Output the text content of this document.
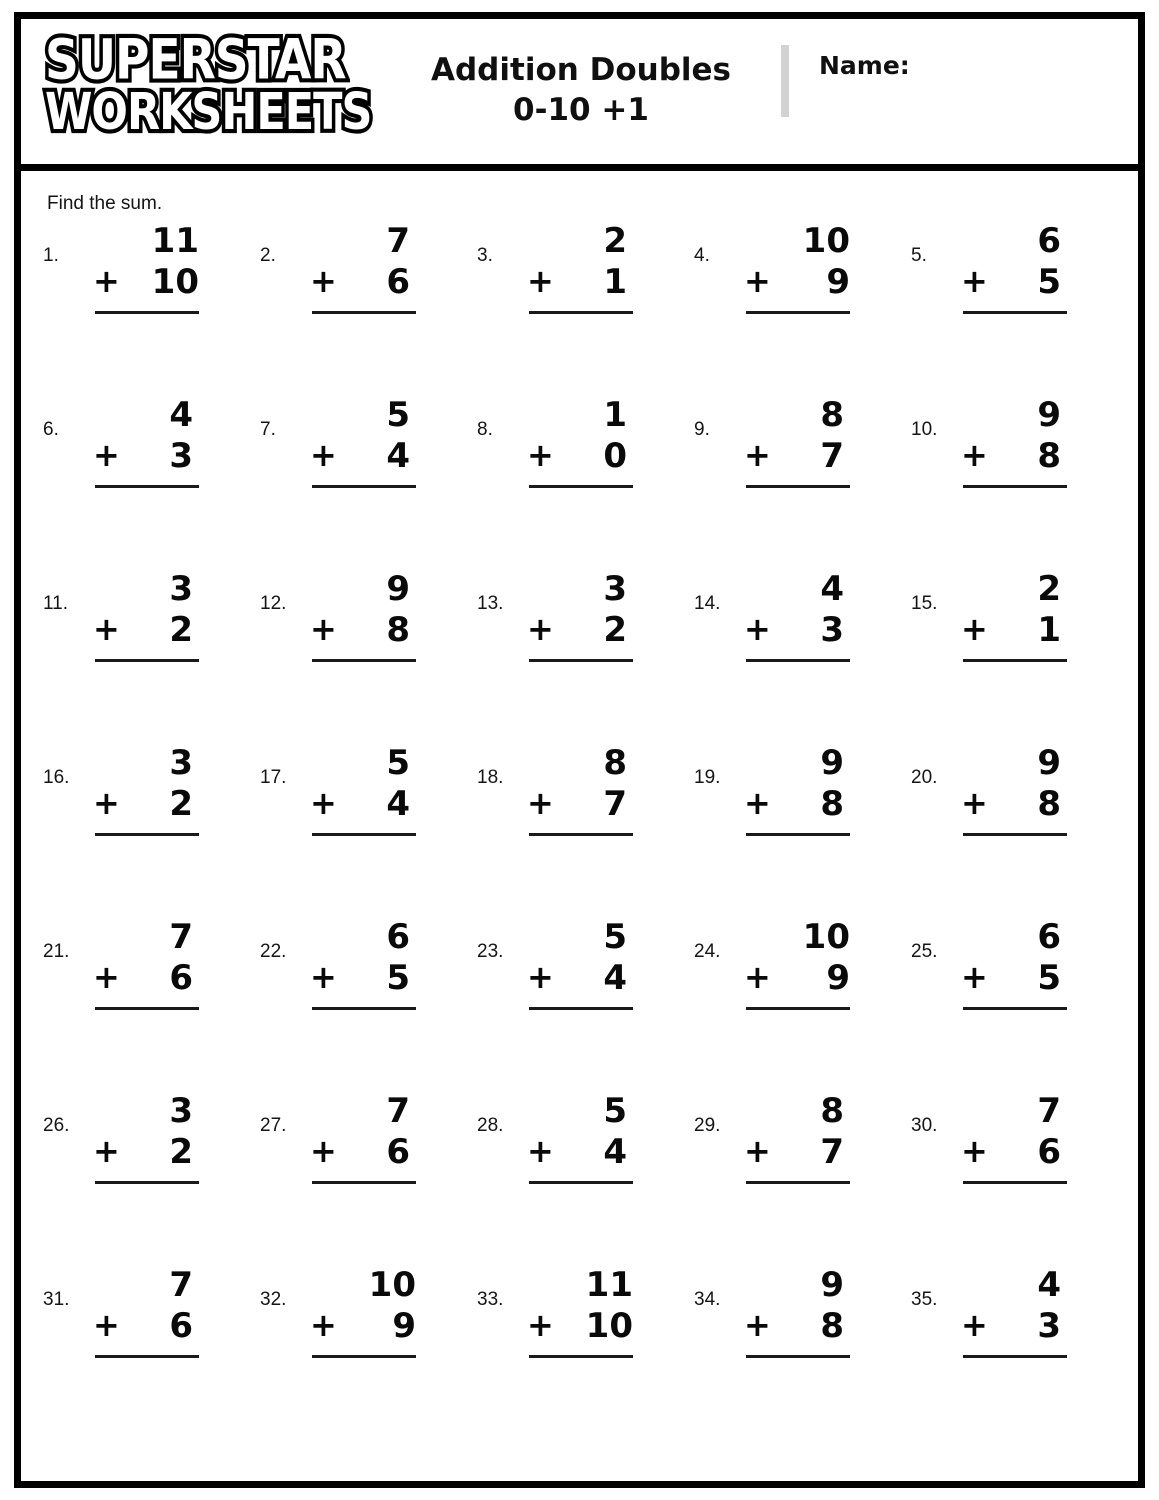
SUPERSTAR
WORKSHEETS
Addition Doubles
0-10 +1
Name:
Find the sum.
1.	11
+ 10
2.	7
+ 6
3.	2
+ 1
4.	10
+ 9
5.	6
+ 5
6.	4
+ 3
7.	5
+ 4
8.	1
+ 0
9.	8
+ 7
10.	9
+ 8
11.	3
+ 2
12.	9
+ 8
13.	3
+ 2
14.	4
+ 3
15.	2
+ 1
16.	3
+ 2
17.	5
+ 4
18.	8
+ 7
19.	9
+ 8
20.	9
+ 8
21.	7
+ 6
22.	6
+ 5
23.	5
+ 4
24.	10
+ 9
25.	6
+ 5
26.	3
+ 2
27.	7
+ 6
28.	5
+ 4
29.	8
+ 7
30.	7
+ 6
31.	7
+ 6
32.	10
+ 9
33.	11
+ 10
34.	9
+ 8
35.	4
+ 3
